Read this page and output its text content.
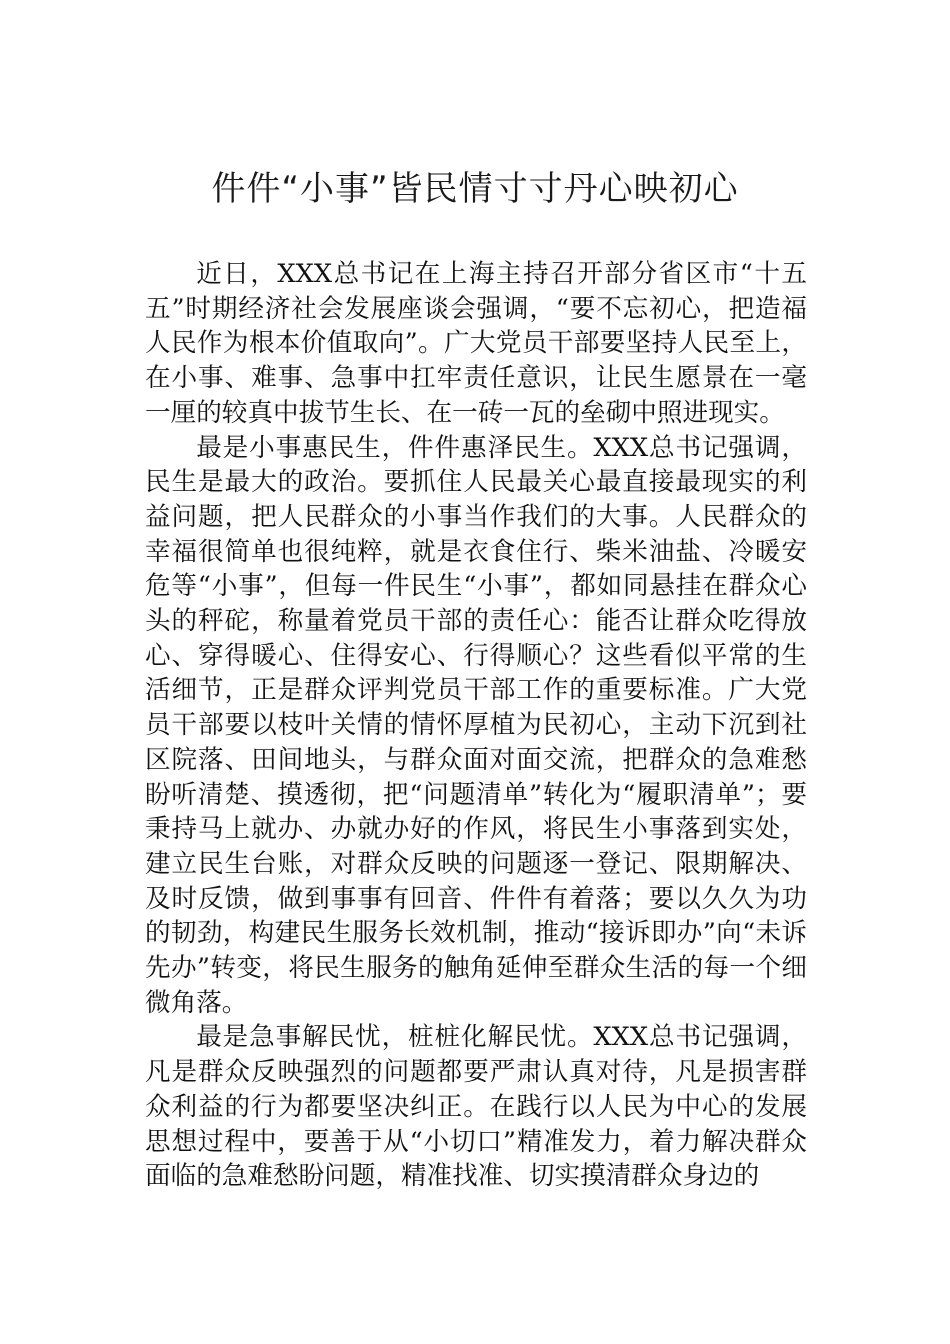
件件“小事”皆民情寸寸丹心映初心

近日，XXX总书记在上海主持召开部分省区市“十五五”时期经济社会发展座谈会强调，“要不忘初心，把造福人民作为根本价值取向”。广大党员干部要坚持人民至上，在小事、难事、急事中扛牢责任意识，让民生愿景在一毫一厘的较真中拔节生长、在一砖一瓦的垒砌中照进现实。

最是小事惠民生，件件惠泽民生。XXX总书记强调，民生是最大的政治。要抓住人民最关心最直接最现实的利益问题，把人民群众的小事当作我们的大事。人民群众的幸福很简单也很纯粹，就是衣食住行、柴米油盐、冷暖安危等“小事”，但每一件民生“小事”，都如同悬挂在群众心头的秤砣，称量着党员干部的责任心：能否让群众吃得放心、穿得暖心、住得安心、行得顺心？这些看似平常的生活细节，正是群众评判党员干部工作的重要标准。广大党员干部要以枝叶关情的情怀厚植为民初心，主动下沉到社区院落、田间地头，与群众面对面交流，把群众的急难愁盼听清楚、摸透彻，把“问题清单”转化为“履职清单”；要秉持马上就办、办就办好的作风，将民生小事落到实处，建立民生台账，对群众反映的问题逐一登记、限期解决、及时反馈，做到事事有回音、件件有着落；要以久久为功的韧劲，构建民生服务长效机制，推动“接诉即办”向“未诉先办”转变，将民生服务的触角延伸至群众生活的每一个细微角落。

最是急事解民忧，桩桩化解民忧。XXX总书记强调，凡是群众反映强烈的问题都要严肃认真对待，凡是损害群众利益的行为都要坚决纠正。在践行以人民为中心的发展思想过程中，要善于从“小切口”精准发力，着力解决群众面临的急难愁盼问题，精准找准、切实摸清群众身边的
